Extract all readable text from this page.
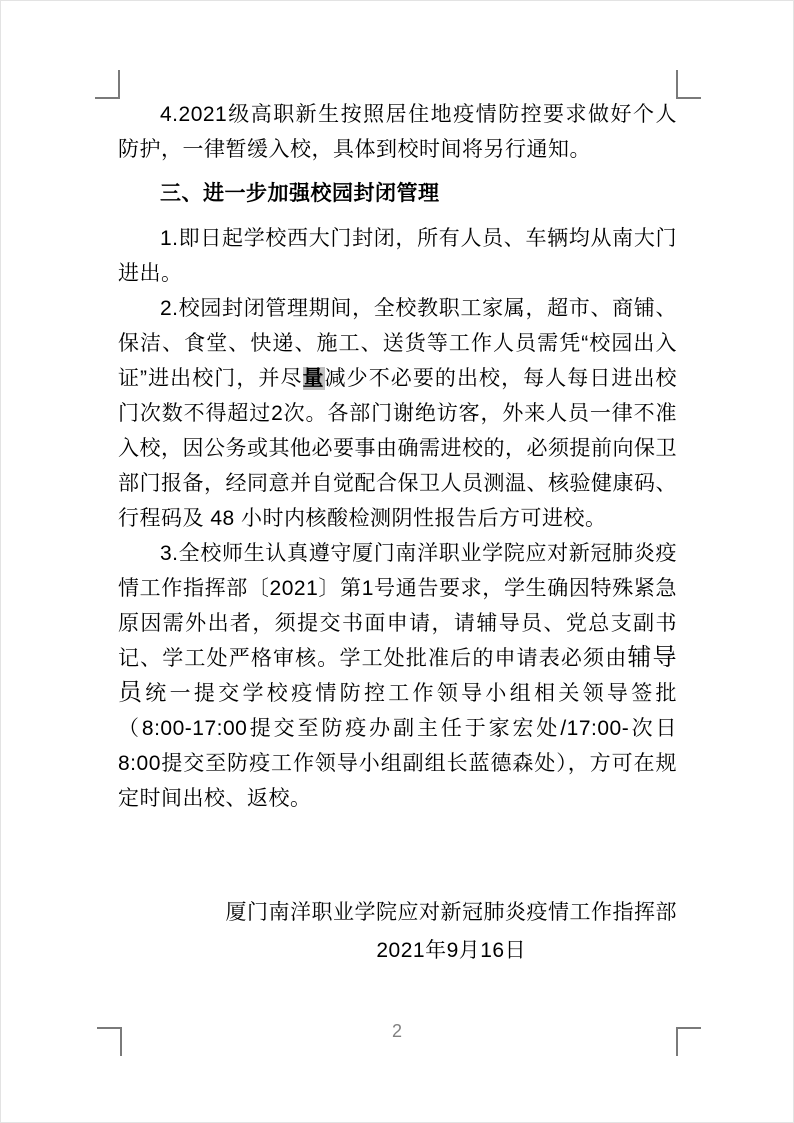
4.2021级高职新生按照居住地疫情防控要求做好个人防护，一律暂缓入校，具体到校时间将另行通知。

三、进一步加强校园封闭管理

1.即日起学校西大门封闭，所有人员、车辆均从南大门进出。

2.校园封闭管理期间，全校教职工家属，超市、商铺、保洁、食堂、快递、施工、送货等工作人员需凭“校园出入证”进出校门，并尽量减少不必要的出校，每人每日进出校门次数不得超过2次。各部门谢绝访客，外来人员一律不准入校，因公务或其他必要事由确需进校的，必须提前向保卫部门报备，经同意并自觉配合保卫人员测温、核验健康码、行程码及 48 小时内核酸检测阴性报告后方可进校。

3.全校师生认真遵守厦门南洋职业学院应对新冠肺炎疫情工作指挥部〔2021〕第1号通告要求，学生确因特殊紧急原因需外出者，须提交书面申请，请辅导员、党总支副书记、学工处严格审核。学工处批准后的申请表必须由辅导员统一提交学校疫情防控工作领导小组相关领导签批（8:00-17:00提交至防疫办副主任于家宏处/17:00-次日8:00提交至防疫工作领导小组副组长蓝德森处），方可在规定时间出校、返校。

厦门南洋职业学院应对新冠肺炎疫情工作指挥部
2021年9月16日
2
